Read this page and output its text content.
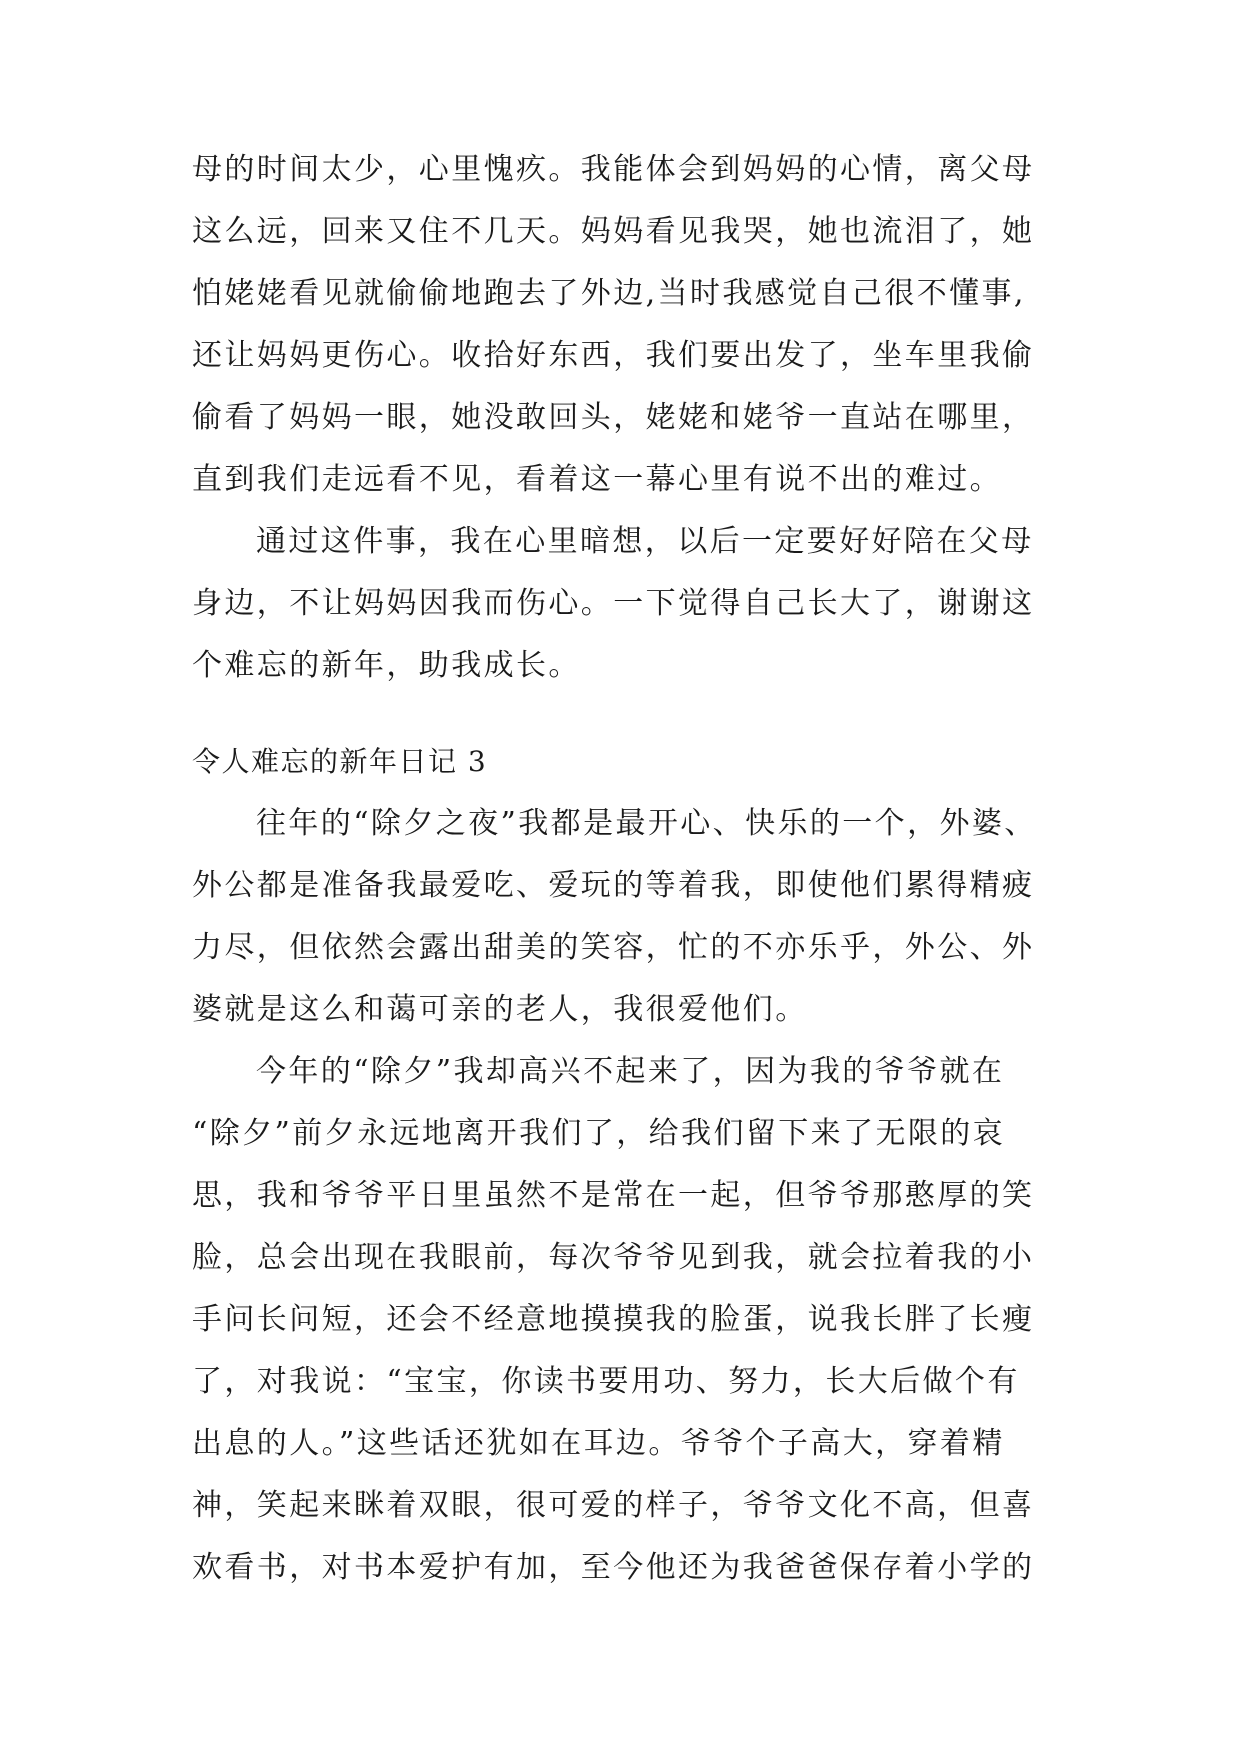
母的时间太少，心里愧疚。我能体会到妈妈的心情，离父母
这么远，回来又住不几天。妈妈看见我哭，她也流泪了，她
怕姥姥看见就偷偷地跑去了外边,当时我感觉自己很不懂事,
还让妈妈更伤心。收拾好东西，我们要出发了，坐车里我偷
偷看了妈妈一眼，她没敢回头，姥姥和姥爷一直站在哪里，
直到我们走远看不见，看着这一幕心里有说不出的难过。
通过这件事，我在心里暗想，以后一定要好好陪在父母
身边，不让妈妈因我而伤心。一下觉得自己长大了，谢谢这
个难忘的新年，助我成长。
令人难忘的新年日记 3
往年的“除夕之夜”我都是最开心、快乐的一个，外婆、
外公都是准备我最爱吃、爱玩的等着我，即使他们累得精疲
力尽，但依然会露出甜美的笑容，忙的不亦乐乎，外公、外
婆就是这么和蔼可亲的老人，我很爱他们。
今年的“除夕”我却高兴不起来了，因为我的爷爷就在
“除夕”前夕永远地离开我们了，给我们留下来了无限的哀
思，我和爷爷平日里虽然不是常在一起，但爷爷那憨厚的笑
脸，总会出现在我眼前，每次爷爷见到我，就会拉着我的小
手问长问短，还会不经意地摸摸我的脸蛋，说我长胖了长瘦
了，对我说：“宝宝，你读书要用功、努力，长大后做个有
出息的人。”这些话还犹如在耳边。爷爷个子高大，穿着精
神，笑起来眯着双眼，很可爱的样子，爷爷文化不高，但喜
欢看书，对书本爱护有加，至今他还为我爸爸保存着小学的
